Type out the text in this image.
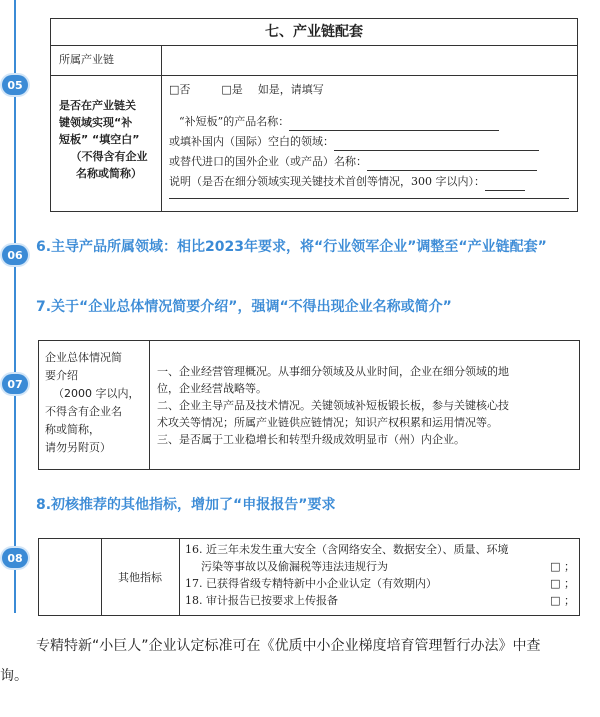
05
06
07
08
七、产业链配套
所属产业链
是否在产业链关
键领域实现“补
短板” “填空白”
（不得含有企业
名称或简称）
□否	□是 如是，请填写
“补短板”的产品名称：
或填补国内（国际）空白的领域：
或替代进口的国外企业（或产品）名称：
说明（是否在细分领域实现关键技术首创等情况，300 字以内）：
6.主导产品所属领域：相比2023年要求，将“行业领军企业”调整至“产业链配套”
7.关于“企业总体情况简要介绍”，强调“不得出现企业名称或简介”
企业总体情况简
要介绍
（2000 字以内，
不得含有企业名
称或简称，
请勿另附页）
一、企业经营管理概况。从事细分领域及从业时间，企业在细分领域的地
位，企业经营战略等。
二、企业主导产品及技术情况。关键领域补短板锻长板，参与关键核心技
术攻关等情况；所属产业链供应链情况；知识产权积累和运用情况等。
三、是否属于工业稳增长和转型升级成效明显市（州）内企业。
8.初核推荐的其他指标，增加了“申报报告”要求
其他指标
16. 近三年未发生重大安全（含网络安全、数据安全）、质量、环境
污染等事故以及偷漏税等违法违规行为	□ ；
17. 已获得省级专精特新中小企业认定（有效期内）	□ ；
18. 审计报告已按要求上传报备	□ ；

专精特新“小巨人”企业认定标准可在《优质中小企业梯度培育管理暂行办法》中查

询。
